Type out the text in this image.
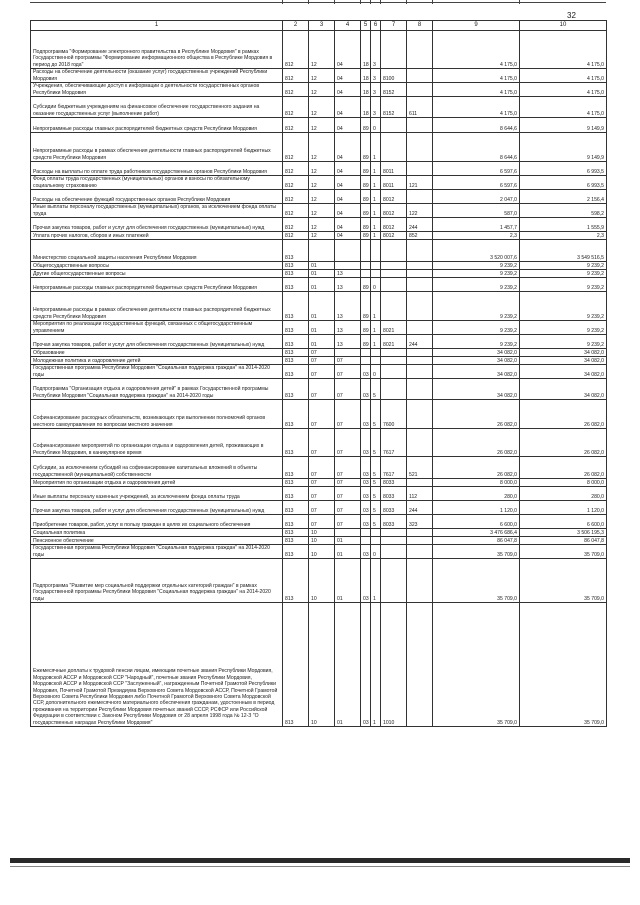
32
1	2	3	4	5	6	7	8	9	10
Подпрограмма "Формирование электронного правительства в Республике Мордовия" в рамках Государственной программы "Формирование информационного общества в Республике Мордовия в период до 2018 года"	812	12	04	18	3			4 175,0	4 175,0
Расходы на обеспечение деятельности (оказание услуг) государственных учреждений Республики Мордовия	812	12	04	18	3	8100		4 175,0	4 175,0
Учреждения, обеспечивающие доступ к информации о деятельности государственных органов Республики Мордовия	812	12	04	18	3	8152		4 175,0	4 175,0
Субсидии бюджетным учреждениям на финансовое обеспечение государственного задания на оказание государственных услуг (выполнение работ)	812	12	04	18	3	8152	611	4 175,0	4 175,0
Непрограммные расходы главных распорядителей бюджетных средств Республики Мордовия	812	12	04	89	0			8 644,6	9 149,9
Непрограммные расходы в рамках обеспечения деятельности главных распорядителей бюджетных средств Республики Мордовия	812	12	04	89	1			8 644,6	9 149,9
Расходы на выплаты по оплате труда работников государственных органов Республики Мордовия	812	12	04	89	1	8011		6 597,6	6 993,5
Фонд оплаты труда государственных (муниципальных) органов и взносы по обязательному социальному страхованию	812	12	04	89	1	8011	121	6 597,6	6 993,5
Расходы на обеспечение функций государственных органов Республики Мордовия	812	12	04	89	1	8012		2 047,0	2 156,4
Иные выплаты персоналу государственных (муниципальных) органов, за исключением фонда оплаты труда	812	12	04	89	1	8012	122	587,0	598,2
Прочая закупка товаров, работ и услуг для обеспечения государственных (муниципальных) нужд	812	12	04	89	1	8012	244	1 457,7	1 555,9
Уплата прочих налогов, сборов и иных платежей	812	12	04	89	1	8012	852	2,3	2,3
Министерство социальной защиты населения Республики Мордовия	813							3 520 007,6	3 549 516,5
Общегосударственные вопросы	813	01						9 239,2	9 239,2
Другие общегосударственные вопросы	813	01	13					9 239,2	9 239,2
Непрограммные расходы главных распорядителей бюджетных средств Республики Мордовия	813	01	13	89	0			9 239,2	9 239,2
Непрограммные расходы в рамках обеспечения деятельности главных распорядителей бюджетных средств Республики Мордовия	813	01	13	89	1			9 239,2	9 239,2
Мероприятия по реализации государственных функций, связанных с общегосударственным управлением	813	01	13	89	1	8021		9 239,2	9 239,2
Прочая закупка товаров, работ и услуг для обеспечения государственных (муниципальных) нужд	813	01	13	89	1	8021	244	9 239,2	9 239,2
Образование	813	07						34 082,0	34 082,0
Молодежная политика и оздоровление детей	813	07	07					34 082,0	34 082,0
Государственная программа Республики Мордовия "Социальная поддержка граждан" на 2014-2020 годы	813	07	07	03	0			34 082,0	34 082,0
Подпрограмма "Организация отдыха и оздоровления детей" в рамках Государственной программы Республики Мордовия "Социальная поддержка граждан" на 2014-2020 годы	813	07	07	03	5			34 082,0	34 082,0
Софинансирование расходных обязательств, возникающих при выполнении полномочий органов местного самоуправления по вопросам местного значения	813	07	07	03	5	7600		26 082,0	26 082,0
Софинансирование мероприятий по организации отдыха и оздоровления детей, проживающих в Республике Мордовия, в каникулярное время	813	07	07	03	5	7617		26 082,0	26 082,0
Субсидии, за исключением субсидий на софинансирование капитальных вложений в объекты государственной (муниципальной) собственности	813	07	07	03	5	7617	521	26 082,0	26 082,0
Мероприятия по организации отдыха и оздоровления детей	813	07	07	03	5	8033		8 000,0	8 000,0
Иные выплаты персоналу казенных учреждений, за исключением фонда оплаты труда	813	07	07	03	5	8033	112	280,0	280,0
Прочая закупка товаров, работ и услуг для обеспечения государственных (муниципальных) нужд	813	07	07	03	5	8033	244	1 120,0	1 120,0
Приобретение товаров, работ, услуг в пользу граждан в целях их социального обеспечения	813	07	07	03	5	8033	323	6 600,0	6 600,0
Социальная политика	813	10						3 476 686,4	3 506 195,3
Пенсионное обеспечение	813	10	01					86 047,8	86 047,8
Государственная программа Республики Мордовия "Социальная поддержка граждан" на 2014-2020 годы	813	10	01	03	0			35 709,0	35 709,0
Подпрограмма "Развитие мер социальной поддержки отдельных категорий граждан" в рамках Государственной программы Республики Мордовия "Социальная поддержка граждан" на 2014-2020 годы	813	10	01	03	1			35 709,0	35 709,0
Ежемесячные доплаты к трудовой пенсии лицам, имеющим почетные звания Республики Мордовия, Мордовской АССР и Мордовской ССР "Народный", почетные звания Республики Мордовия, Мордовской АССР и Мордовской ССР "Заслуженный", награжденным Почетной Грамотой Республики Мордовия, Почетной Грамотой Президиума Верховного Совета Мордовской АССР, Почетной Грамотой Верховного Совета Республики Мордовия либо Почетной Грамотой Верховного Совета Мордовской ССР, дополнительного ежемесячного материального обеспечения гражданам, удостоенным в период проживания на территории Республики Мордовия почетных званий СССР, РСФСР или Российской Федерации в соответствии с Законом Республики Мордовия от 28 апреля 1998 года № 12-З "О государственных наградах Республики Мордовия"	813	10	01	03	1	1010		35 709,0	35 709,0
